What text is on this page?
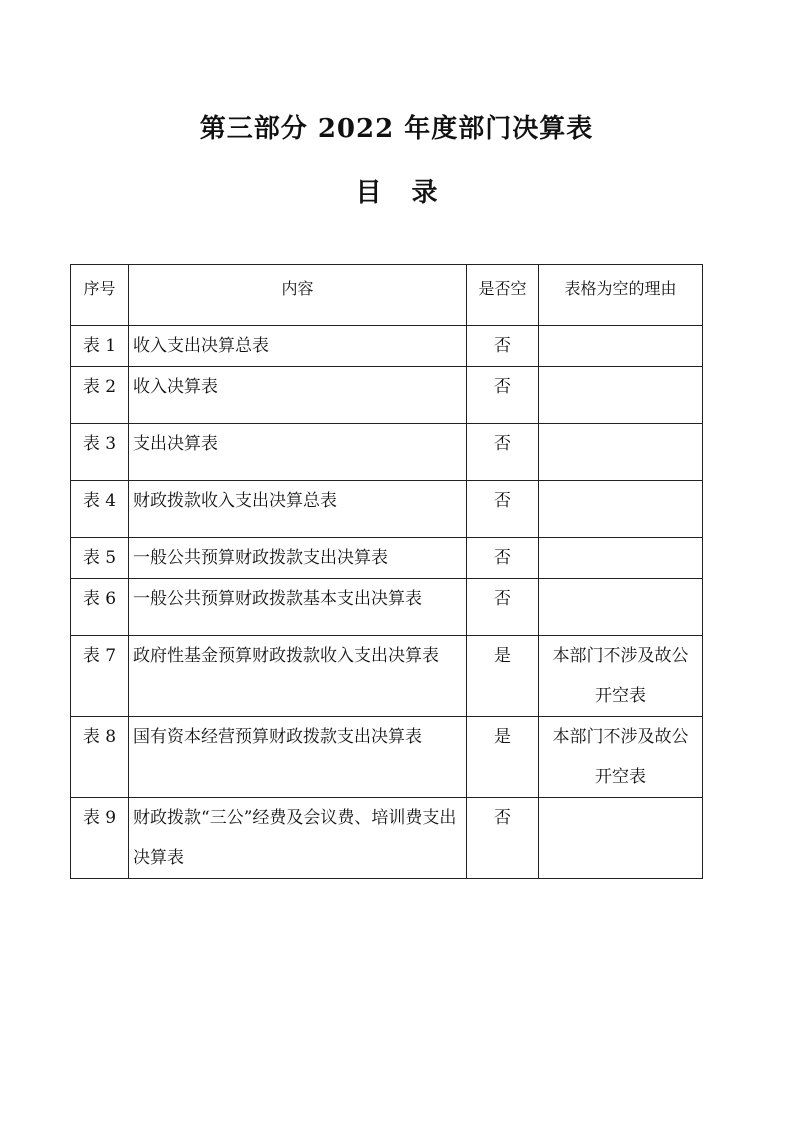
第三部分 2022 年度部门决算表
目录
序号	内容	是否空	表格为空的理由
表 1	收入支出决算总表	否	
表 2	收入决算表	否	
表 3	支出决算表	否	
表 4	财政拨款收入支出决算总表	否	
表 5	一般公共预算财政拨款支出决算表	否	
表 6	一般公共预算财政拨款基本支出决算表	否	
表 7	政府性基金预算财政拨款收入支出决算表	是	本部门不涉及故公开空表
表 8	国有资本经营预算财政拨款支出决算表	是	本部门不涉及故公开空表
表 9	财政拨款“三公”经费及会议费、培训费支出决算表	否	
